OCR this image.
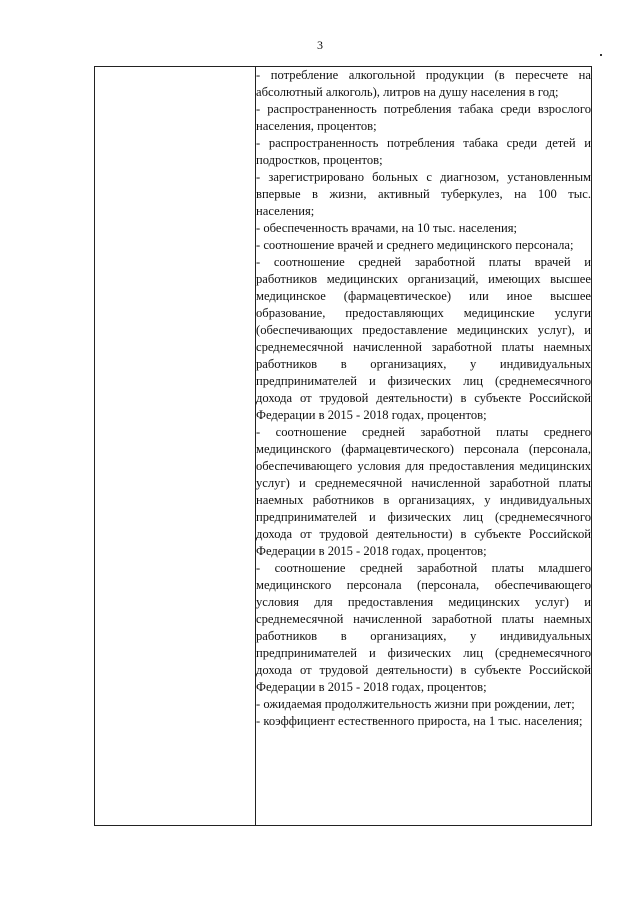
3

- потребление алкогольной продукции (в пересчете на абсолютный алкоголь), литров на душу населения в год;
- распространенность потребления табака среди взрослого населения, процентов;
- распространенность потребления табака среди детей и подростков, процентов;
- зарегистрировано больных с диагнозом, установленным впервые в жизни, активный туберкулез, на 100 тыс. населения;
- обеспеченность врачами, на 10 тыс. населения;
- соотношение врачей и среднего медицинского персонала;
- соотношение средней заработной платы врачей и работников медицинских организаций, имеющих высшее медицинское (фармацевтическое) или иное высшее образование, предоставляющих медицинские услуги (обеспечивающих предоставление медицинских услуг), и среднемесячной начисленной заработной платы наемных работников в организациях, у индивидуальных предпринимателей и физических лиц (среднемесячного дохода от трудовой деятельности) в субъекте Российской Федерации в 2015 - 2018 годах, процентов;
- соотношение средней заработной платы среднего медицинского (фармацевтического) персонала (персонала, обеспечивающего условия для предоставления медицинских услуг) и среднемесячной начисленной заработной платы наемных работников в организациях, у индивидуальных предпринимателей и физических лиц (среднемесячного дохода от трудовой деятельности) в субъекте Российской Федерации в 2015 - 2018 годах, процентов;
- соотношение средней заработной платы младшего медицинского персонала (персонала, обеспечивающего условия для предоставления медицинских услуг) и среднемесячной начисленной заработной платы наемных работников в организациях, у индивидуальных предпринимателей и физических лиц (среднемесячного дохода от трудовой деятельности) в субъекте Российской Федерации в 2015 - 2018 годах, процентов;
- ожидаемая продолжительность жизни при рождении, лет;
- коэффициент естественного прироста, на 1 тыс. населения;
